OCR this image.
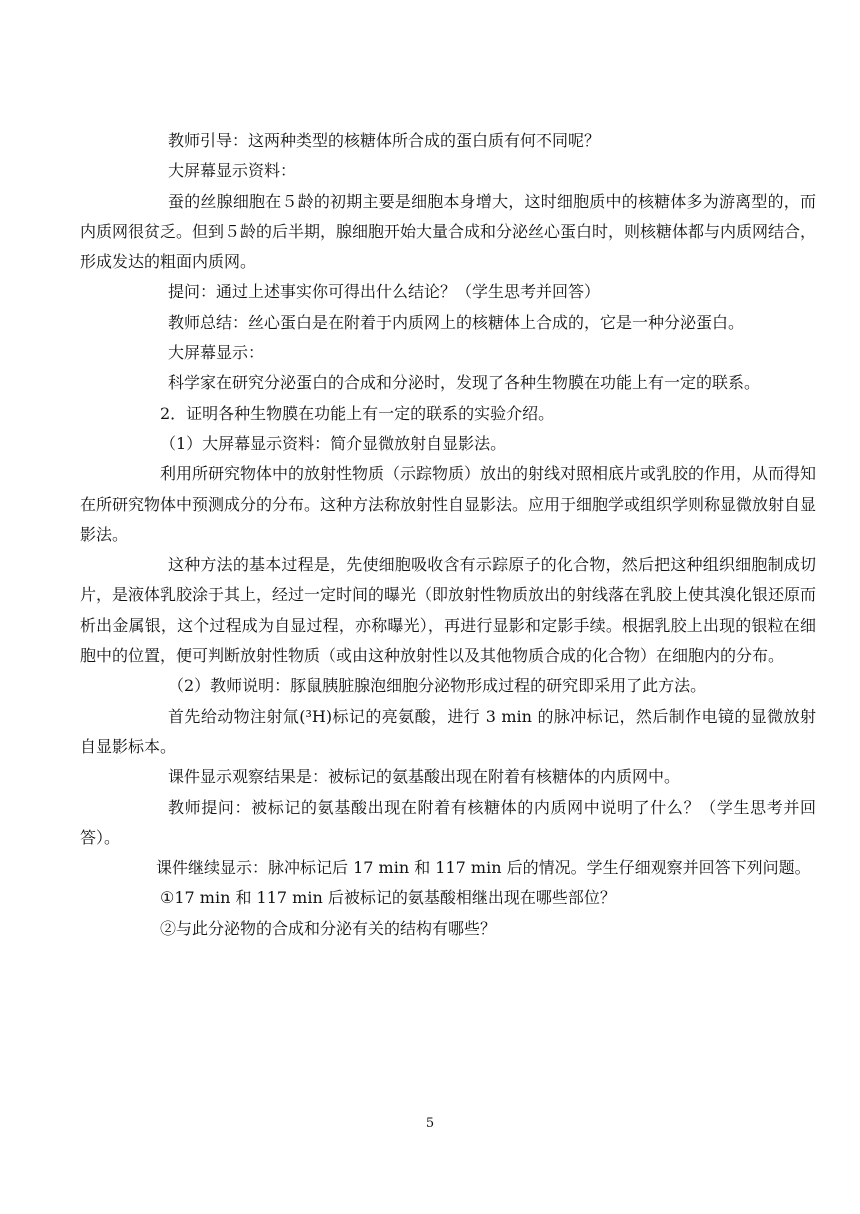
教师引导：这两种类型的核糖体所合成的蛋白质有何不同呢？

大屏幕显示资料：

蚕的丝腺细胞在５龄的初期主要是细胞本身增大，这时细胞质中的核糖体多为游离型的，而内质网很贫乏。但到５龄的后半期，腺细胞开始大量合成和分泌丝心蛋白时，则核糖体都与内质网结合，形成发达的粗面内质网。

提问：通过上述事实你可得出什么结论？（学生思考并回答）

教师总结：丝心蛋白是在附着于内质网上的核糖体上合成的，它是一种分泌蛋白。

大屏幕显示：

科学家在研究分泌蛋白的合成和分泌时，发现了各种生物膜在功能上有一定的联系。

2．证明各种生物膜在功能上有一定的联系的实验介绍。

（1）大屏幕显示资料：简介显微放射自显影法。

利用所研究物体中的放射性物质（示踪物质）放出的射线对照相底片或乳胶的作用，从而得知在所研究物体中预测成分的分布。这种方法称放射性自显影法。应用于细胞学或组织学则称显微放射自显影法。

这种方法的基本过程是，先使细胞吸收含有示踪原子的化合物，然后把这种组织细胞制成切片，是液体乳胶涂于其上，经过一定时间的曝光（即放射性物质放出的射线落在乳胶上使其溴化银还原而析出金属银，这个过程成为自显过程，亦称曝光），再进行显影和定影手续。根据乳胶上出现的银粒在细胞中的位置，便可判断放射性物质（或由这种放射性以及其他物质合成的化合物）在细胞内的分布。

（2）教师说明：豚鼠胰脏腺泡细胞分泌物形成过程的研究即采用了此方法。

首先给动物注射氚(³H)标记的亮氨酸，进行 3 min 的脉冲标记，然后制作电镜的显微放射自显影标本。

课件显示观察结果是：被标记的氨基酸出现在附着有核糖体的内质网中。

教师提问：被标记的氨基酸出现在附着有核糖体的内质网中说明了什么？（学生思考并回答）。

课件继续显示：脉冲标记后 17 min 和 117 min 后的情况。学生仔细观察并回答下列问题。

①17 min 和 117 min 后被标记的氨基酸相继出现在哪些部位？

②与此分泌物的合成和分泌有关的结构有哪些？

5
